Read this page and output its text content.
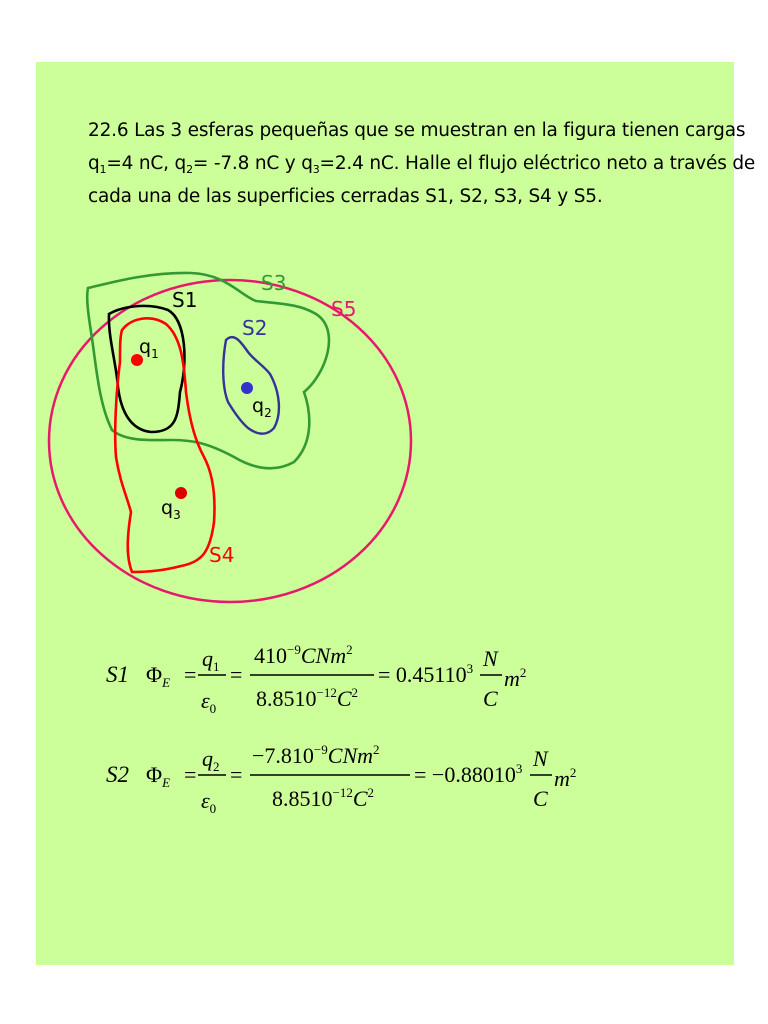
22.6 Las 3 esferas pequeñas que se muestran en la figura tienen cargas

$q_1=4$ nC, $q_2= -7.8$ nC y $q_3=2.4$ nC. Halle el flujo eléctrico neto a través de

cada una de las superficies cerradas S1, S2, S3, S4 y S5.

S1
S2
S3
S4
S5
$q_1$
$q_2$
$q_3$
S1 $\Phi_E$ =
$q_1$
$\varepsilon_0$
=
$410^{-9}CNm^2$
$8.8510^{-12}C^2$
= $0.45110^3$ N
C
$m^2$
S2 $\Phi_E$ =
$q_2$
$\varepsilon_0$
=
$-7.810^{-9}CNm^2$
$8.8510^{-12}C^2$
= $-0.88010^3$ N
C
$m^2$
